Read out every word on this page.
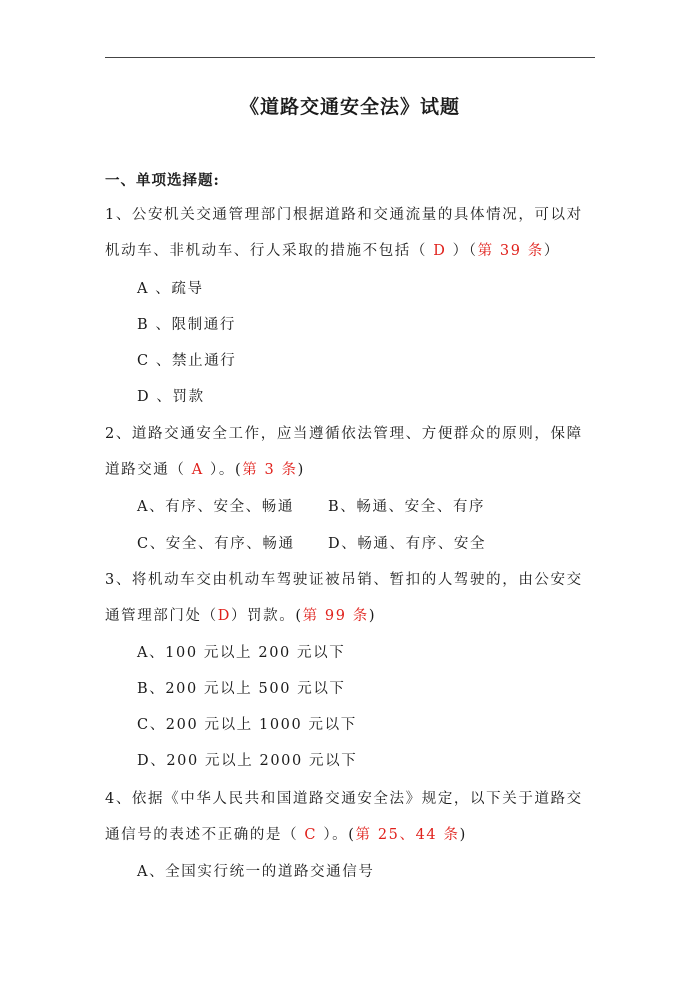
《道路交通安全法》试题
一、单项选择题:
1、公安机关交通管理部门根据道路和交通流量的具体情况，可以对
机动车、非机动车、行人采取的措施不包括（ D ）（第 39 条）
A 、疏导
B 、限制通行
C 、禁止通行
D 、罚款
2、道路交通安全工作，应当遵循依法管理、方便群众的原则，保障
道路交通（ A ）。(第 3 条)
A、有序、安全、畅通 B、畅通、安全、有序
C、安全、有序、畅通 D、畅通、有序、安全
3、将机动车交由机动车驾驶证被吊销、暂扣的人驾驶的，由公安交
通管理部门处（D）罚款。(第 99 条)
A、100 元以上 200 元以下
B、200 元以上 500 元以下
C、200 元以上 1000 元以下
D、200 元以上 2000 元以下
4、依据《中华人民共和国道路交通安全法》规定，以下关于道路交
通信号的表述不正确的是（ C ）。(第 25、44 条)
A、全国实行统一的道路交通信号
